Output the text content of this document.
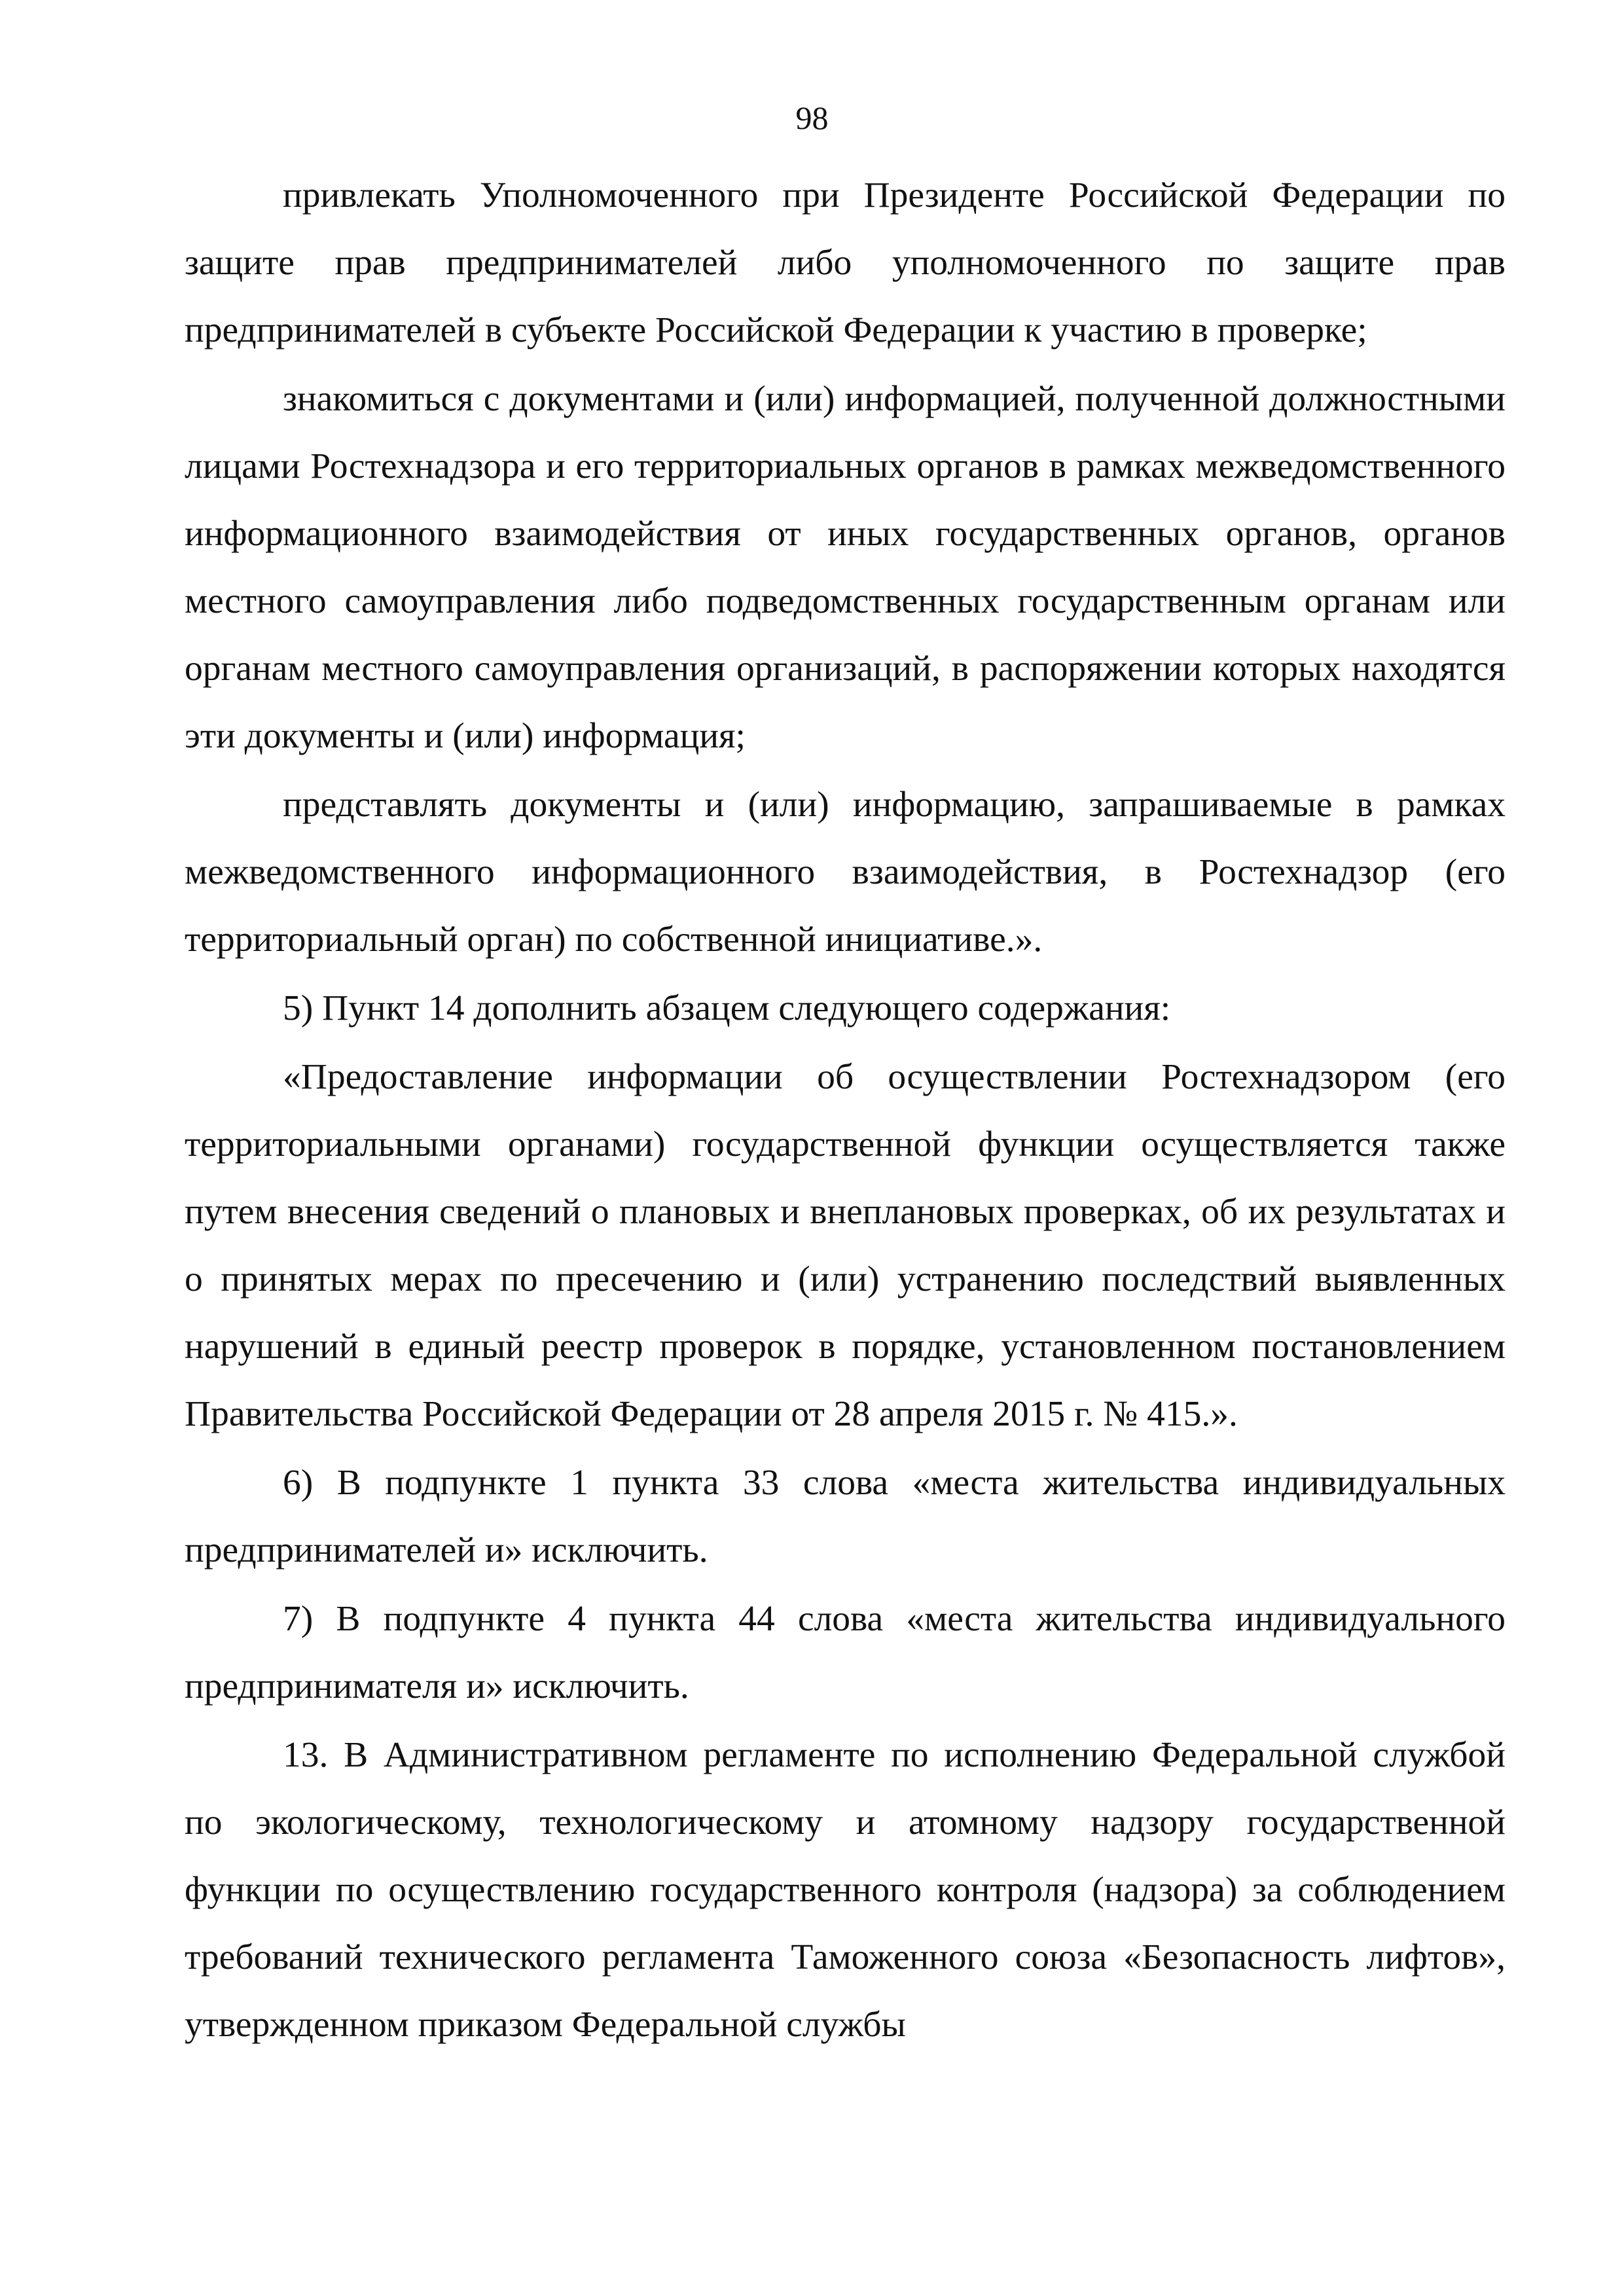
98

привлекать Уполномоченного при Президенте Российской Федерации по защите прав предпринимателей либо уполномоченного по защите прав предпринимателей в субъекте Российской Федерации к участию в проверке;

знакомиться с документами и (или) информацией, полученной должностными лицами Ростехнадзора и его территориальных органов в рамках межведомственного информационного взаимодействия от иных государственных органов, органов местного самоуправления либо подведомственных государственным органам или органам местного самоуправления организаций, в распоряжении которых находятся эти документы и (или) информация;

представлять документы и (или) информацию, запрашиваемые в рамках межведомственного информационного взаимодействия, в Ростехнадзор (его территориальный орган) по собственной инициативе.».

5) Пункт 14 дополнить абзацем следующего содержания:

«Предоставление информации об осуществлении Ростехнадзором (его территориальными органами) государственной функции осуществляется также путем внесения сведений о плановых и внеплановых проверках, об их результатах и о принятых мерах по пресечению и (или) устранению последствий выявленных нарушений в единый реестр проверок в порядке, установленном постановлением Правительства Российской Федерации от 28 апреля 2015 г. № 415.».

6) В подпункте 1 пункта 33 слова «места жительства индивидуальных предпринимателей и» исключить.

7) В подпункте 4 пункта 44 слова «места жительства индивидуального предпринимателя и» исключить.

13. В Административном регламенте по исполнению Федеральной службой по экологическому, технологическому и атомному надзору государственной функции по осуществлению государственного контроля (надзора) за соблюдением требований технического регламента Таможенного союза «Безопасность лифтов», утвержденном приказом Федеральной службы
